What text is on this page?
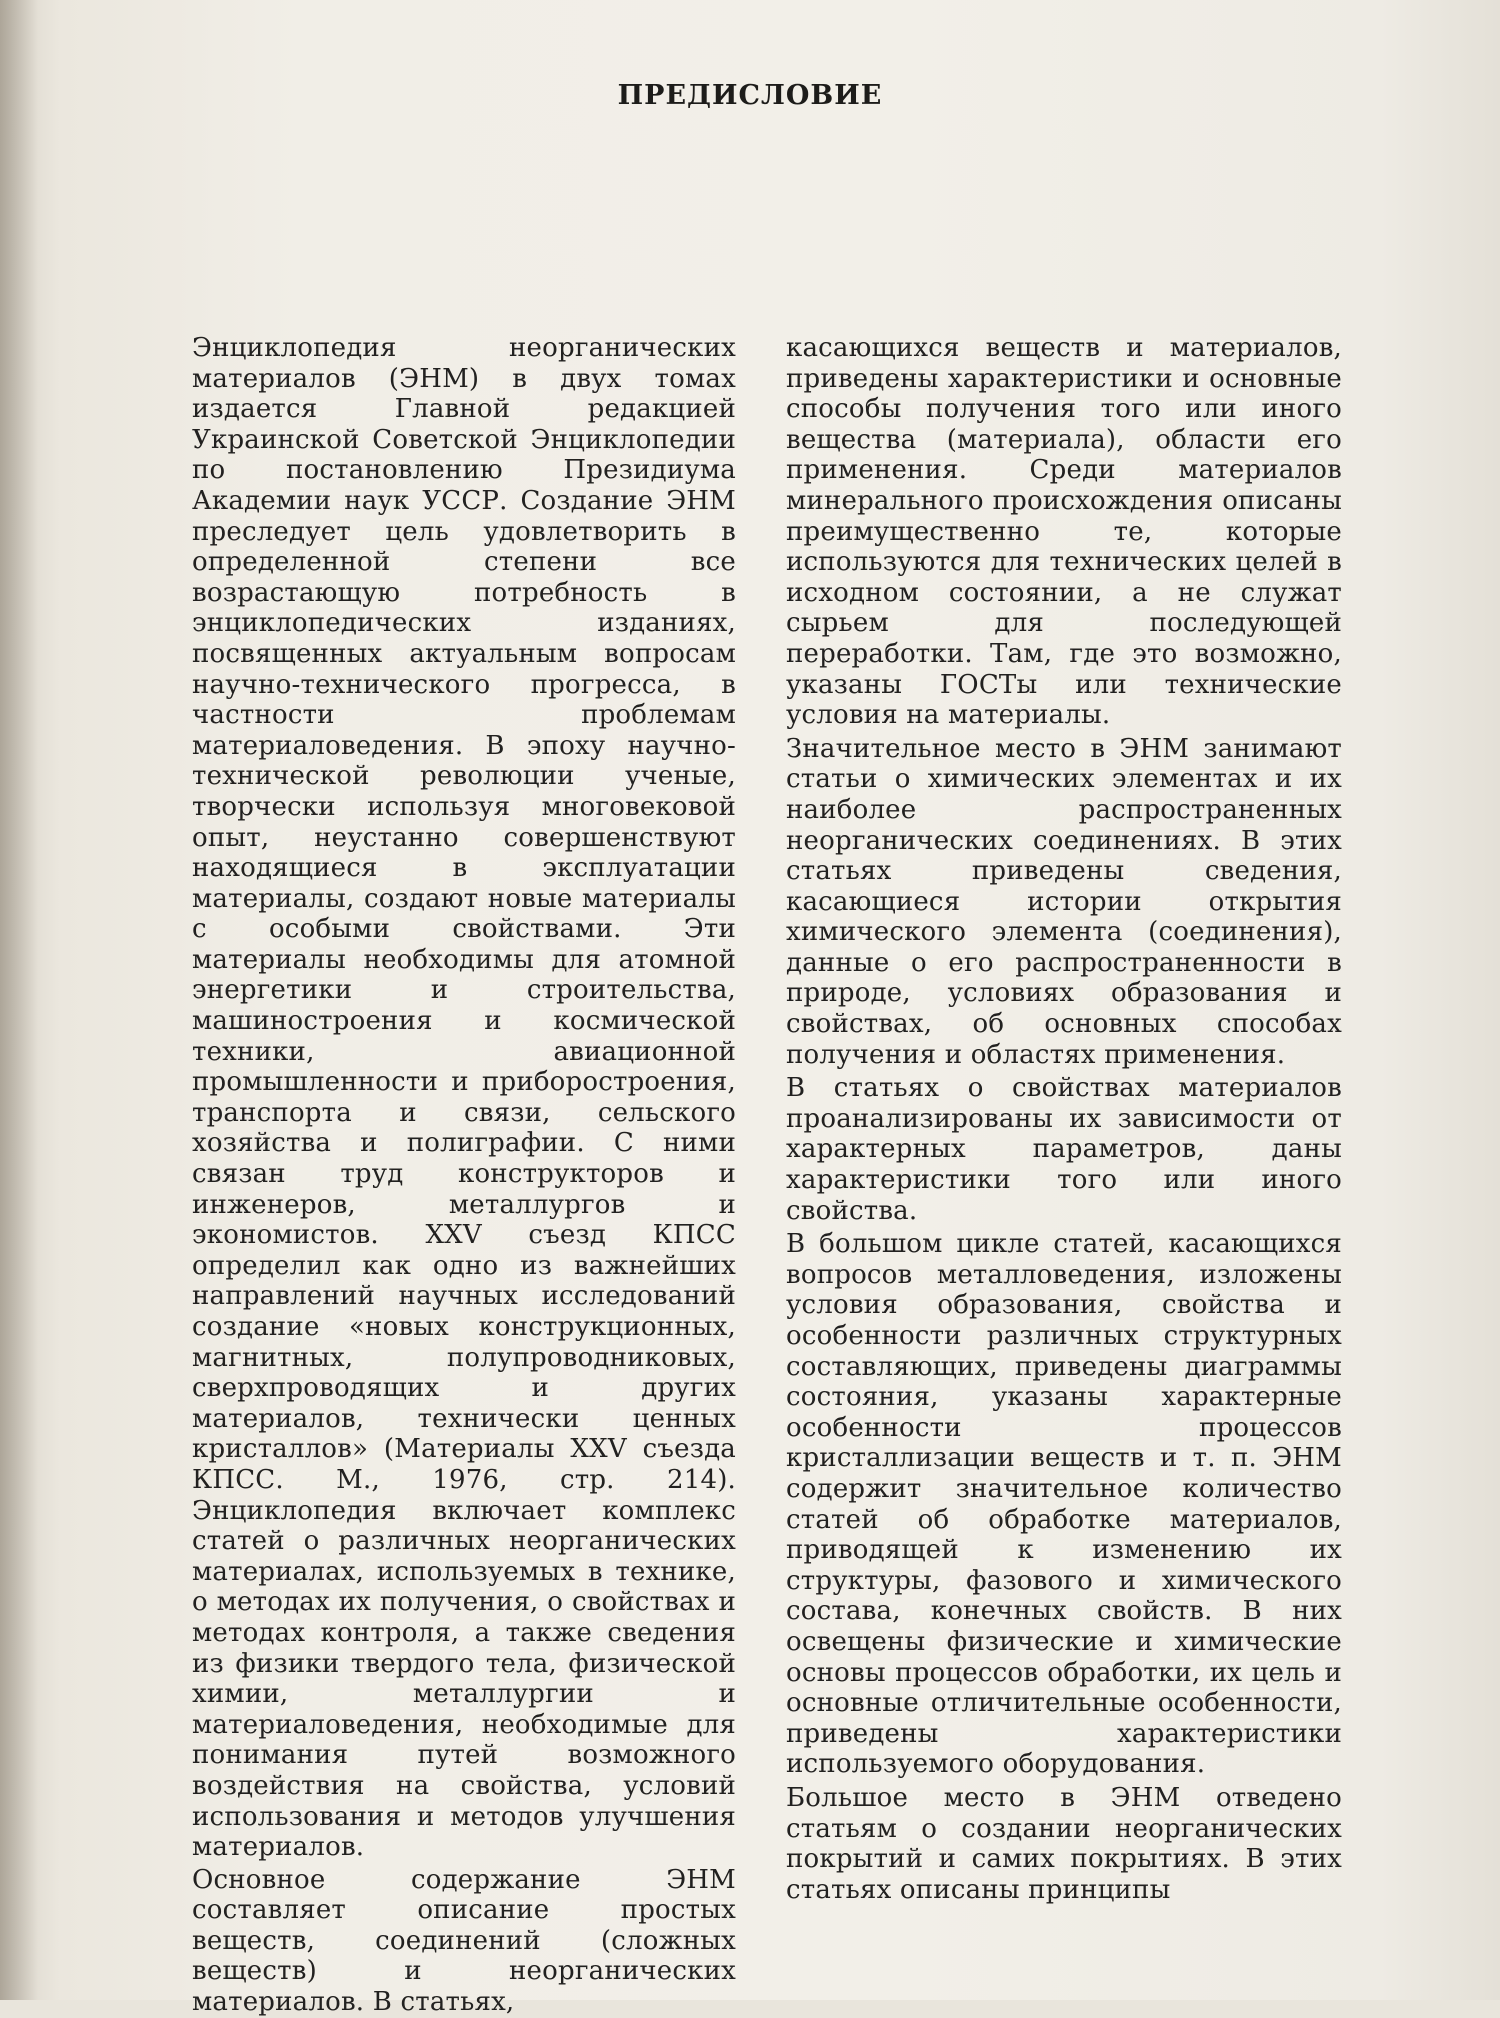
ПРЕДИСЛОВИЕ

Энциклопедия неорганических материалов (ЭНМ) в двух томах издается Главной редакцией Украинской Советской Энциклопедии по постановлению Президиума Академии наук УССР. Создание ЭНМ преследует цель удовлетворить в определенной степени все возрастающую потребность в энциклопедических изданиях, посвященных актуальным вопросам научно-технического прогресса, в частности проблемам материаловедения. В эпоху научно-технической революции ученые, творчески используя многовековой опыт, неустанно совершенствуют находящиеся в эксплуатации материалы, создают новые материалы с особыми свойствами. Эти материалы необходимы для атомной энергетики и строительства, машиностроения и космической техники, авиационной промышленности и приборостроения, транспорта и связи, сельского хозяйства и полиграфии. С ними связан труд конструкторов и инженеров, металлургов и экономистов. XXV съезд КПСС определил как одно из важнейших направлений научных исследований создание «новых конструкционных, магнитных, полупроводниковых, сверхпроводящих и других материалов, технически ценных кристаллов» (Материалы XXV съезда КПСС. М., 1976, стр. 214). Энциклопедия включает комплекс статей о различных неорганических материалах, используемых в технике, о методах их получения, о свойствах и методах контроля, а также сведения из физики твердого тела, физической химии, металлургии и материаловедения, необходимые для понимания путей возможного воздействия на свойства, условий использования и методов улучшения материалов.

Основное содержание ЭНМ составляет описание простых веществ, соединений (сложных веществ) и неорганических материалов. В статьях,

касающихся веществ и материалов, приведены характеристики и основные способы получения того или иного вещества (материала), области его применения. Среди материалов минерального происхождения описаны преимущественно те, которые используются для технических целей в исходном состоянии, а не служат сырьем для последующей переработки. Там, где это возможно, указаны ГОСТы или технические условия на материалы.

Значительное место в ЭНМ занимают статьи о химических элементах и их наиболее распространенных неорганических соединениях. В этих статьях приведены сведения, касающиеся истории открытия химического элемента (соединения), данные о его распространенности в природе, условиях образования и свойствах, об основных способах получения и областях применения.

В статьях о свойствах материалов проанализированы их зависимости от характерных параметров, даны характеристики того или иного свойства.

В большом цикле статей, касающихся вопросов металловедения, изложены условия образования, свойства и особенности различных структурных составляющих, приведены диаграммы состояния, указаны характерные особенности процессов кристаллизации веществ и т. п. ЭНМ содержит значительное количество статей об обработке материалов, приводящей к изменению их структуры, фазового и химического состава, конечных свойств. В них освещены физические и химические основы процессов обработки, их цель и основные отличительные особенности, приведены характеристики используемого оборудования.

Большое место в ЭНМ отведено статьям о создании неорганических покрытий и самих покрытиях. В этих статьях описаны принципы
